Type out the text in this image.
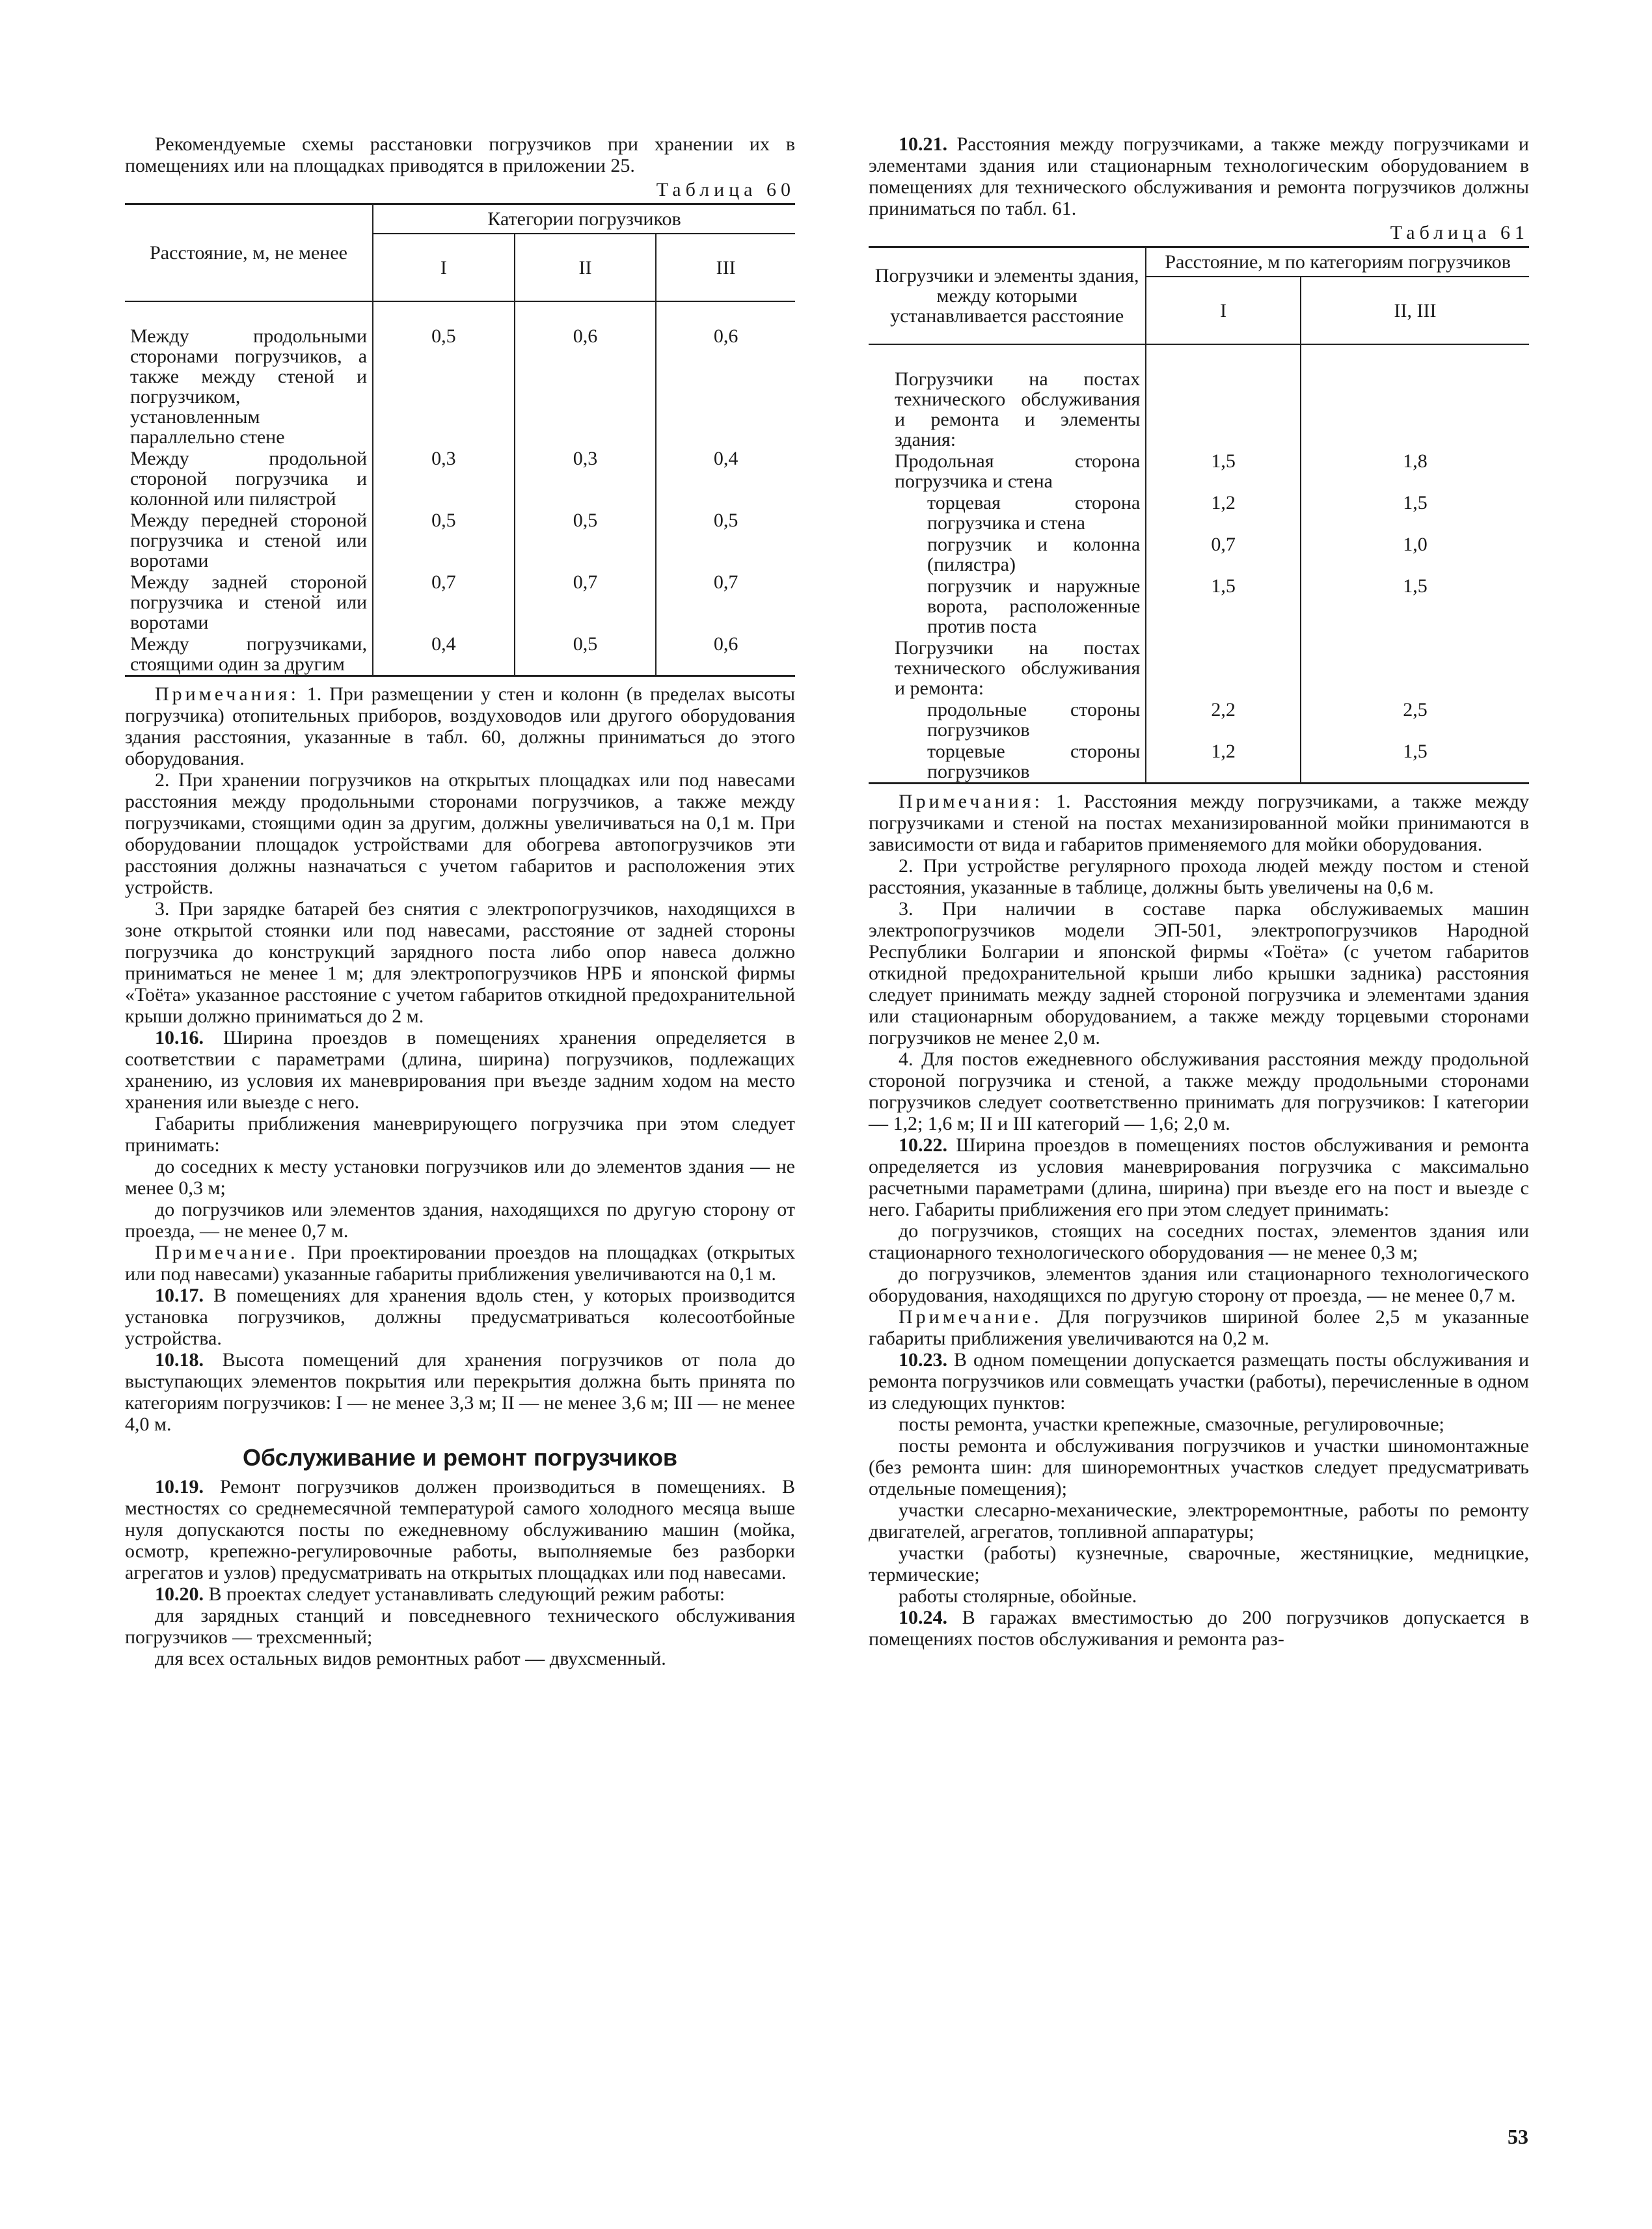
Рекомендуемые схемы расстановки погрузчиков при хранении их в помещениях или на площадках приводятся в приложении 25.

Таблица 60
Расстояние, м, не менее	Категории погрузчиков		
	I	II	III

Между продольными сторонами погрузчиков, а также между стеной и погрузчиком, установленным параллельно стене	0,5	0,6	0,6
Между продольной стороной погрузчика и колонной или пилястрой	0,3	0,3	0,4
Между передней стороной погрузчика и стеной или воротами	0,5	0,5	0,5
Между задней стороной погрузчика и стеной или воротами	0,7	0,7	0,7
Между погрузчиками, стоящими один за другим	0,4	0,5	0,6

Примечания: 1. При размещении у стен и колонн (в пределах высоты погрузчика) отопительных приборов, воздуховодов или другого оборудования здания расстояния, указанные в табл. 60, должны приниматься до этого оборудования.

2. При хранении погрузчиков на открытых площадках или под навесами расстояния между продольными сторонами погрузчиков, а также между погрузчиками, стоящими один за другим, должны увеличиваться на 0,1 м. При оборудовании площадок устройствами для обогрева автопогрузчиков эти расстояния должны назначаться с учетом габаритов и расположения этих устройств.

3. При зарядке батарей без снятия с электропогрузчиков, находящихся в зоне открытой стоянки или под навесами, расстояние от задней стороны погрузчика до конструкций зарядного поста либо опор навеса должно приниматься не менее 1 м; для электропогрузчиков НРБ и японской фирмы «Тоёта» указанное расстояние с учетом габаритов откидной предохранительной крыши должно приниматься до 2 м.

10.16. Ширина проездов в помещениях хранения определяется в соответствии с параметрами (длина, ширина) погрузчиков, подлежащих хранению, из условия их маневрирования при въезде задним ходом на место хранения или выезде с него.

Габариты приближения маневрирующего погрузчика при этом следует принимать:

до соседних к месту установки погрузчиков или до элементов здания — не менее 0,3 м;

до погрузчиков или элементов здания, находящихся по другую сторону от проезда, — не менее 0,7 м.

Примечание. При проектировании проездов на площадках (открытых или под навесами) указанные габариты приближения увеличиваются на 0,1 м.

10.17. В помещениях для хранения вдоль стен, у которых производится установка погрузчиков, должны предусматриваться колесоотбойные устройства.

10.18. Высота помещений для хранения погрузчиков от пола до выступающих элементов покрытия или перекрытия должна быть принята по категориям погрузчиков: I — не менее 3,3 м; II — не менее 3,6 м; III — не менее 4,0 м.

Обслуживание и ремонт погрузчиков

10.19. Ремонт погрузчиков должен производиться в помещениях. В местностях со среднемесячной температурой самого холодного месяца выше нуля допускаются посты по ежедневному обслуживанию машин (мойка, осмотр, крепежно-регулировочные работы, выполняемые без разборки агрегатов и узлов) предусматривать на открытых площадках или под навесами.

10.20. В проектах следует устанавливать следующий режим работы:

для зарядных станций и повседневного технического обслуживания погрузчиков — трехсменный;

для всех остальных видов ремонтных работ — двухсменный.

10.21. Расстояния между погрузчиками, а также между погрузчиками и элементами здания или стационарным технологическим оборудованием в помещениях для технического обслуживания и ремонта погрузчиков должны приниматься по табл. 61.

Таблица 61
Погрузчики и элементы здания, между которыми устанавливается расстояние	Расстояние, м по категориям погрузчиков	
	I	II, III

Погрузчики на постах технического обслуживания и ремонта и элементы здания:		
Продольная сторона погрузчика и стена	1,5	1,8
торцевая сторона погрузчика и стена	1,2	1,5
погрузчик и колонна (пилястра)	0,7	1,0
погрузчик и наружные ворота, расположенные против поста	1,5	1,5
Погрузчики на постах технического обслуживания и ремонта:		
продольные стороны погрузчиков	2,2	2,5
торцевые стороны погрузчиков	1,2	1,5

Примечания: 1. Расстояния между погрузчиками, а также между погрузчиками и стеной на постах механизированной мойки принимаются в зависимости от вида и габаритов применяемого для мойки оборудования.

2. При устройстве регулярного прохода людей между постом и стеной расстояния, указанные в таблице, должны быть увеличены на 0,6 м.

3. При наличии в составе парка обслуживаемых машин электропогрузчиков модели ЭП-501, электропогрузчиков Народной Республики Болгарии и японской фирмы «Тоёта» (с учетом габаритов откидной предохранительной крыши либо крышки задника) расстояния следует принимать между задней стороной погрузчика и элементами здания или стационарным оборудованием, а также между торцевыми сторонами погрузчиков не менее 2,0 м.

4. Для постов ежедневного обслуживания расстояния между продольной стороной погрузчика и стеной, а также между продольными сторонами погрузчиков следует соответственно принимать для погрузчиков: I категории — 1,2; 1,6 м; II и III категорий — 1,6; 2,0 м.

10.22. Ширина проездов в помещениях постов обслуживания и ремонта определяется из условия маневрирования погрузчика с максимально расчетными параметрами (длина, ширина) при въезде его на пост и выезде с него. Габариты приближения его при этом следует принимать:

до погрузчиков, стоящих на соседних постах, элементов здания или стационарного технологического оборудования — не менее 0,3 м;

до погрузчиков, элементов здания или стационарного технологического оборудования, находящихся по другую сторону от проезда, — не менее 0,7 м.

Примечание. Для погрузчиков шириной более 2,5 м указанные габариты приближения увеличиваются на 0,2 м.

10.23. В одном помещении допускается размещать посты обслуживания и ремонта погрузчиков или совмещать участки (работы), перечисленные в одном из следующих пунктов:

посты ремонта, участки крепежные, смазочные, регулировочные;

посты ремонта и обслуживания погрузчиков и участки шиномонтажные (без ремонта шин: для шиноремонтных участков следует предусматривать отдельные помещения);

участки слесарно-механические, электроремонтные, работы по ремонту двигателей, агрегатов, топливной аппаратуры;

участки (работы) кузнечные, сварочные, жестяницкие, медницкие, термические;

работы столярные, обойные.

10.24. В гаражах вместимостью до 200 погрузчиков допускается в помещениях постов обслуживания и ремонта раз-

53
